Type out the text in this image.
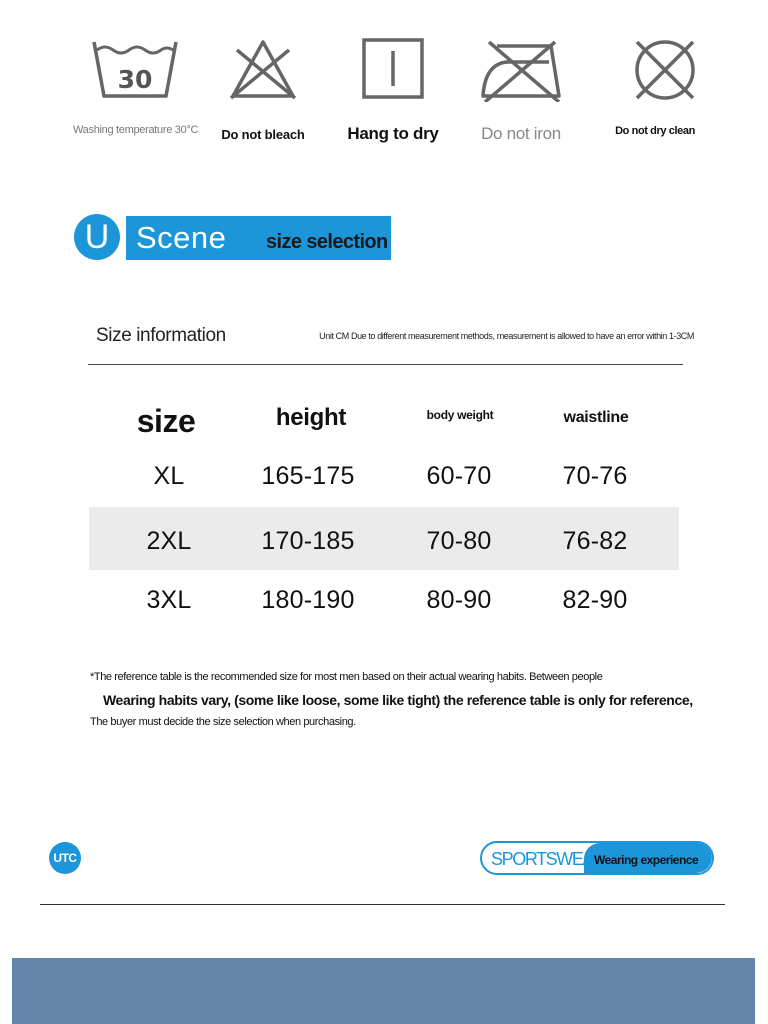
30
Washing temperature 30°C	Do not bleach	Hang to dry	Do not iron	Do not dry clean
U Scene size selection
Size information	Unit CM Due to different measurement methods, measurement is allowed to have an error within 1-3CM
size	height	body weight	waistline
XL	165-175	60-70	70-76
2XL	170-185	70-80	76-82
3XL	180-190	80-90	82-90
*The reference table is the recommended size for most men based on their actual wearing habits. Between people
Wearing habits vary, (some like loose, some like tight) the reference table is only for reference,
The buyer must decide the size selection when purchasing.
UTC	SPORTSWEAR
Wearing experience
